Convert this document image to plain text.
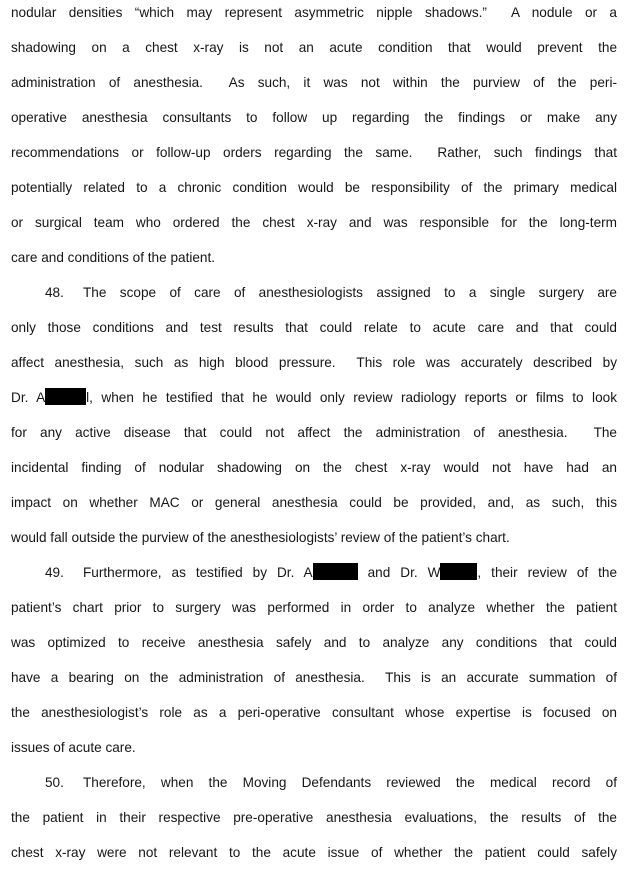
nodular densities “which may represent asymmetric nipple shadows.”  A nodule or a
shadowing on a chest x-ray is not an acute condition that would prevent the
administration of anesthesia.  As such, it was not within the purview of the peri-
operative anesthesia consultants to follow up regarding the findings or make any
recommendations or follow-up orders regarding the same.  Rather, such findings that
potentially related to a chronic condition would be responsibility of the primary medical
or surgical team who ordered the chest x-ray and was responsible for the long-term
care and conditions of the patient.
48. The scope of care of anesthesiologists assigned to a single surgery are
only those conditions and test results that could relate to acute care and that could
affect anesthesia, such as high blood pressure.  This role was accurately described by
Dr. A	l, when he testified that he would only review radiology reports or films to look
for any active disease that could not affect the administration of anesthesia.  The
incidental finding of nodular shadowing on the chest x-ray would not have had an
impact on whether MAC or general anesthesia could be provided, and, as such, this
would fall outside the purview of the anesthesiologists’ review of the patient’s chart.
49. Furthermore, as testified by Dr. A	and Dr. W	, their review of the
patient’s chart prior to surgery was performed in order to analyze whether the patient
was optimized to receive anesthesia safely and to analyze any conditions that could
have a bearing on the administration of anesthesia.  This is an accurate summation of
the anesthesiologist’s role as a peri-operative consultant whose expertise is focused on
issues of acute care.
50. Therefore, when the Moving Defendants reviewed the medical record of
the patient in their respective pre-operative anesthesia evaluations, the results of the
chest x-ray were not relevant to the acute issue of whether the patient could safely
